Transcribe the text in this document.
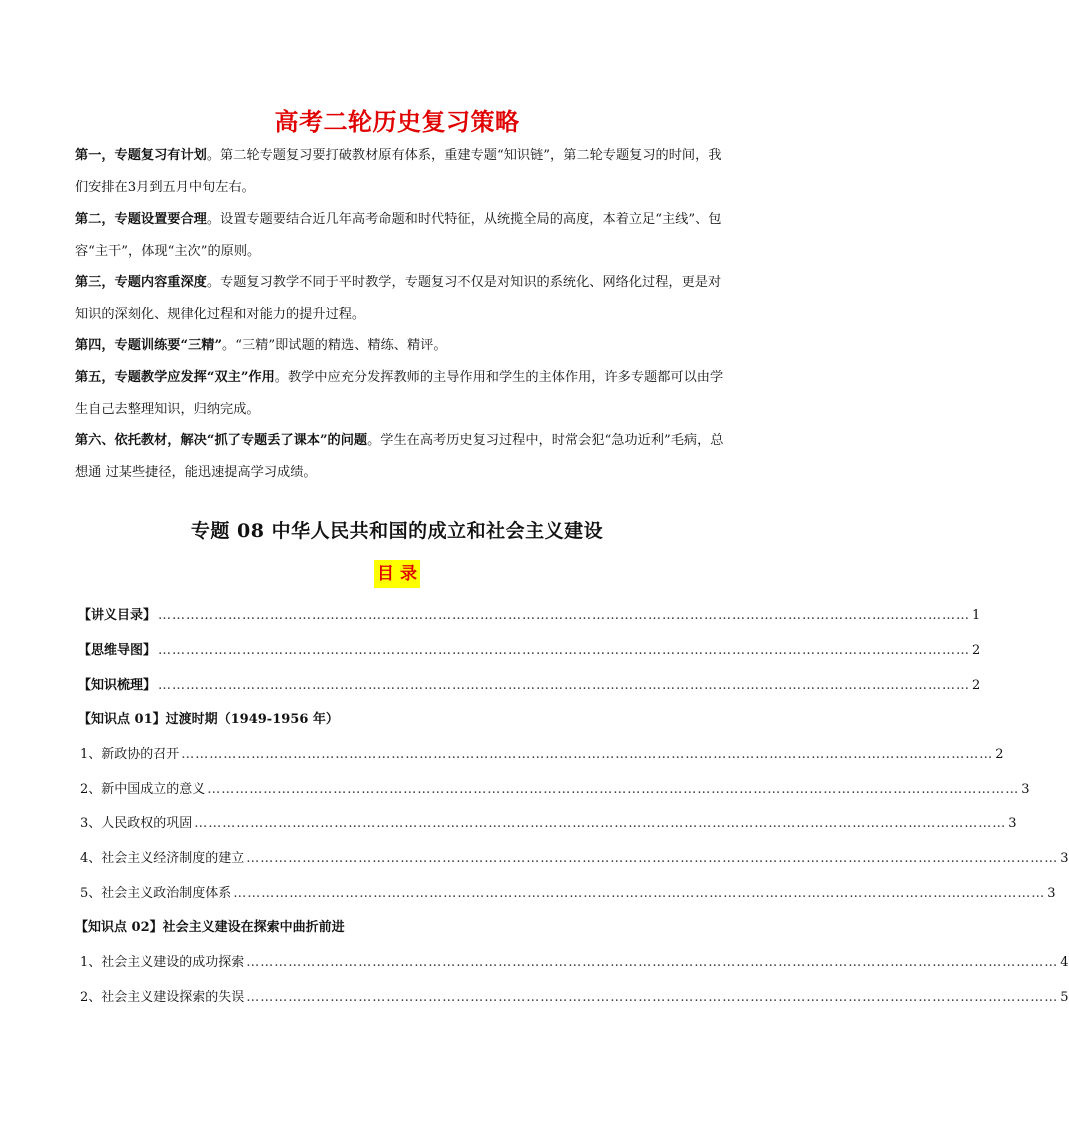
高考二轮历史复习策略

第一，专题复习有计划。第二轮专题复习要打破教材原有体系，重建专题“知识链”，第二轮专题复习的时间，我们安排在3月到五月中旬左右。

第二，专题设置要合理。设置专题要结合近几年高考命题和时代特征，从统揽全局的高度，本着立足“主线”、包容“主干”，体现“主次”的原则。

第三，专题内容重深度。专题复习教学不同于平时教学，专题复习不仅是对知识的系统化、网络化过程，更是对知识的深刻化、规律化过程和对能力的提升过程。

第四，专题训练要“三精”。“三精”即试题的精选、精练、精评。

第五，专题教学应发挥“双主”作用。教学中应充分发挥教师的主导作用和学生的主体作用，许多专题都可以由学生自己去整理知识，归纳完成。

第六、依托教材，解决“抓了专题丢了课本”的问题。学生在高考历史复习过程中，时常会犯“急功近利”毛病，总想通 过某些捷径，能迅速提高学习成绩。

专题 08 中华人民共和国的成立和社会主义建设
目 录
【讲义目录】 ………………………………………………………………………………………………………………………………………………………… 1
【思维导图】 ………………………………………………………………………………………………………………………………………………………… 2
【知识梳理】 ………………………………………………………………………………………………………………………………………………………… 2
【知识点 01】过渡时期（1949-1956 年）
1、新政协的召开 ………………………………………………………………………………………………………………………………………………………… 2
2、新中国成立的意义 ………………………………………………………………………………………………………………………………………………………… 3
3、人民政权的巩固 ………………………………………………………………………………………………………………………………………………………… 3
4、社会主义经济制度的建立 ………………………………………………………………………………………………………………………………………………………… 3
5、社会主义政治制度体系 ………………………………………………………………………………………………………………………………………………………… 3
【知识点 02】社会主义建设在探索中曲折前进
1、社会主义建设的成功探索 ………………………………………………………………………………………………………………………………………………………… 4
2、社会主义建设探索的失误 ………………………………………………………………………………………………………………………………………………………… 5
